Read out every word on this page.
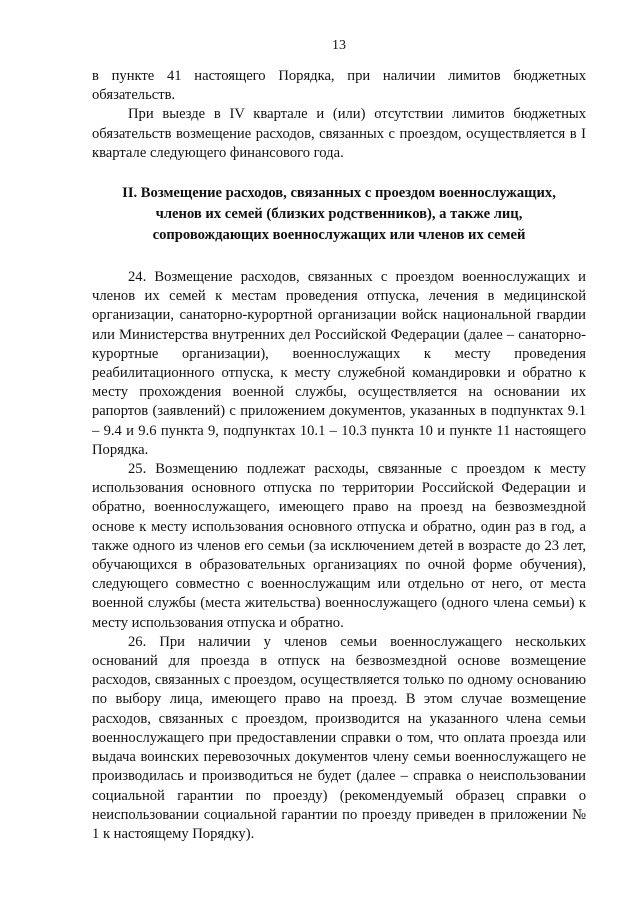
13

в пункте 41 настоящего Порядка, при наличии лимитов бюджетных обязательств.

При выезде в IV квартале и (или) отсутствии лимитов бюджетных обязательств возмещение расходов, связанных с проездом, осуществляется в I квартале следующего финансового года.

II. Возмещение расходов, связанных с проездом военнослужащих,
членов их семей (близких родственников), а также лиц,
сопровождающих военнослужащих или членов их семей

24. Возмещение расходов, связанных с проездом военнослужащих и членов их семей к местам проведения отпуска, лечения в медицинской организации, санаторно-курортной организации войск национальной гвардии или Министерства внутренних дел Российской Федерации (далее – санаторно-курортные организации), военнослужащих к месту проведения реабилитационного отпуска, к месту служебной командировки и обратно к месту прохождения военной службы, осуществляется на основании их рапортов (заявлений) с приложением документов, указанных в подпунктах 9.1 – 9.4 и 9.6 пункта 9, подпунктах 10.1 – 10.3 пункта 10 и пункте 11 настоящего Порядка.

25. Возмещению подлежат расходы, связанные с проездом к месту использования основного отпуска по территории Российской Федерации и обратно, военнослужащего, имеющего право на проезд на безвозмездной основе к месту использования основного отпуска и обратно, один раз в год, а также одного из членов его семьи (за исключением детей в возрасте до 23 лет, обучающихся в образовательных организациях по очной форме обучения), следующего совместно с военнослужащим или отдельно от него, от места военной службы (места жительства) военнослужащего (одного члена семьи) к месту использования отпуска и обратно.

26. При наличии у членов семьи военнослужащего нескольких оснований для проезда в отпуск на безвозмездной основе возмещение расходов, связанных с проездом, осуществляется только по одному основанию по выбору лица, имеющего право на проезд. В этом случае возмещение расходов, связанных с проездом, производится на указанного члена семьи военнослужащего при предоставлении справки о том, что оплата проезда или выдача воинских перевозочных документов члену семьи военнослужащего не производилась и производиться не будет (далее – справка о неиспользовании социальной гарантии по проезду) (рекомендуемый образец справки о неиспользовании социальной гарантии по проезду приведен в приложении № 1 к настоящему Порядку).
